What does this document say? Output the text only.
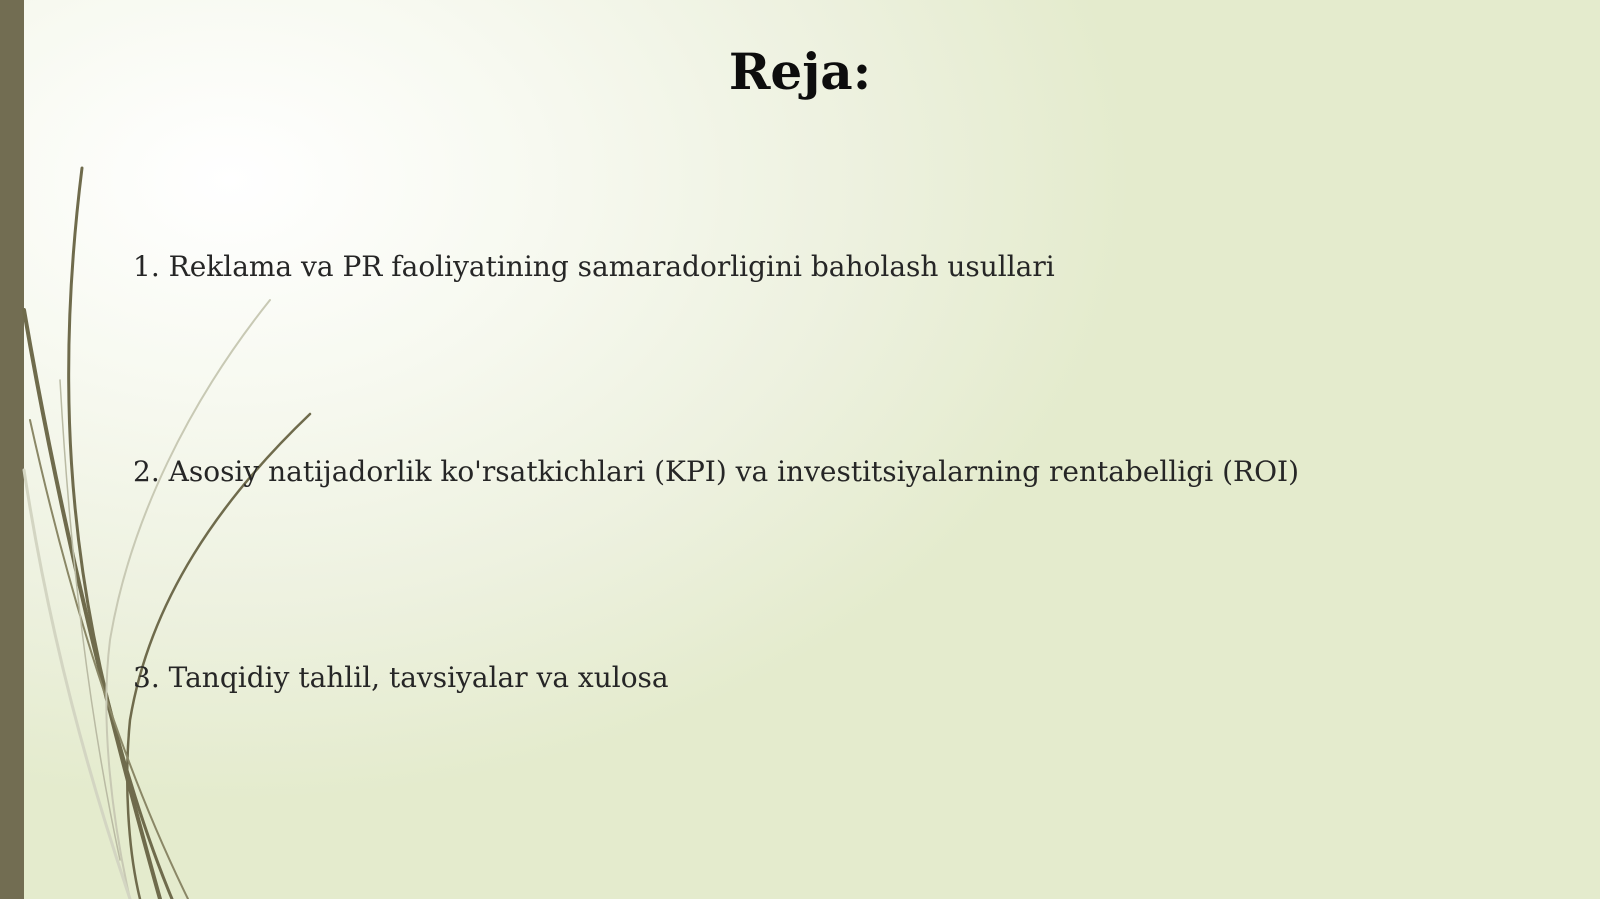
Reja:
1. Reklama va PR faoliyatining samaradorligini baholash usullari
2. Asosiy natijadorlik ko'rsatkichlari (KPI) va investitsiyalarning rentabelligi (ROI)
3. Tanqidiy tahlil, tavsiyalar va xulosa
